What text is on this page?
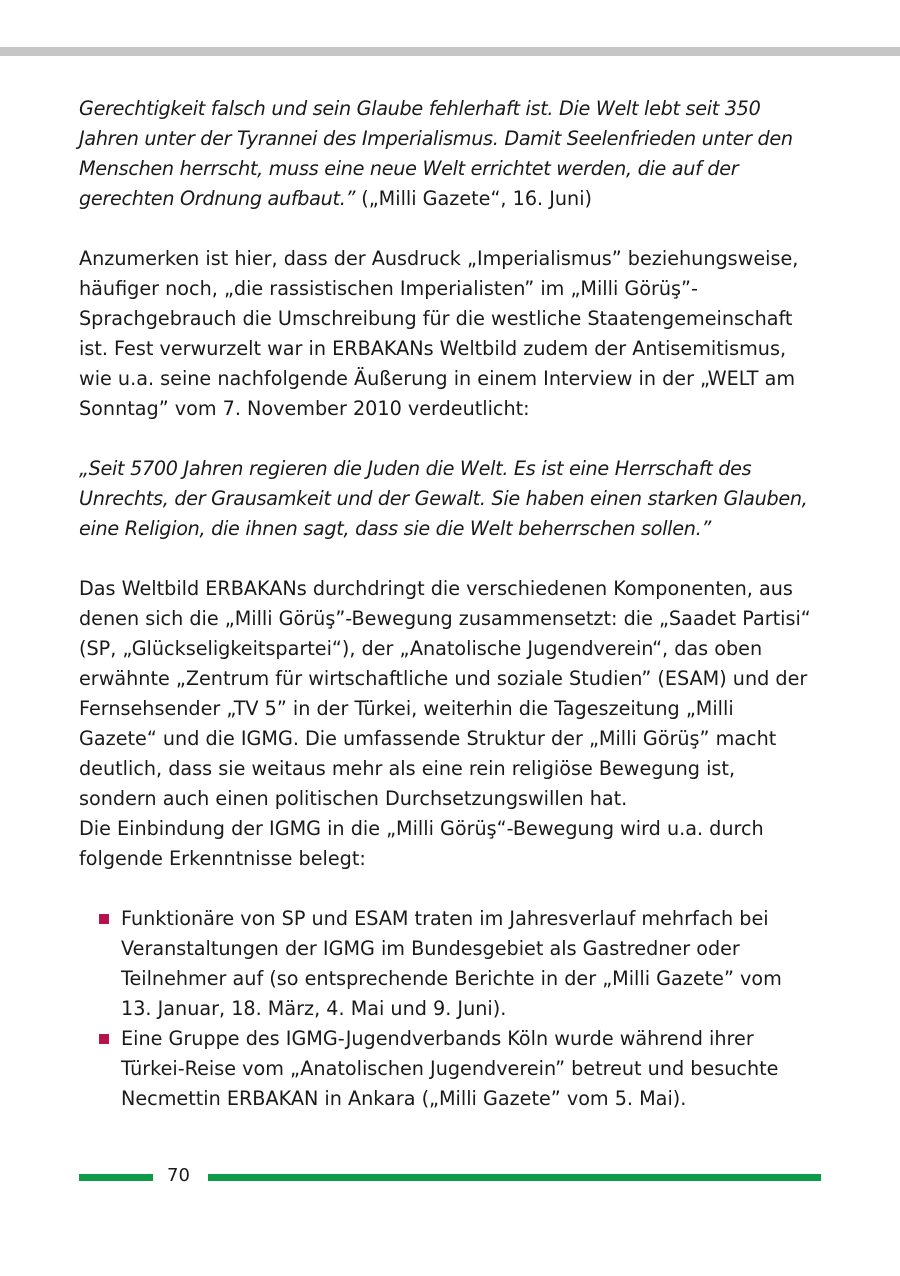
Gerechtigkeit falsch und sein Glaube fehlerhaft ist. Die Welt lebt seit 350 Jahren unter der Tyrannei des Imperialismus. Damit Seelenfrieden unter den Menschen herrscht, muss eine neue Welt errichtet werden, die auf der gerechten Ordnung aufbaut.” („Milli Gazete“, 16. Juni)

Anzumerken ist hier, dass der Ausdruck „Imperialismus” beziehungsweise, häufiger noch, „die rassistischen Imperialisten” im „Milli Görüş”-Sprachgebrauch die Umschreibung für die westliche Staatengemeinschaft ist. Fest verwurzelt war in ERBAKANs Weltbild zudem der Antisemitismus, wie u.a. seine nachfolgende Äußerung in einem Interview in der „WELT am Sonntag” vom 7. November 2010 verdeutlicht:

„Seit 5700 Jahren regieren die Juden die Welt. Es ist eine Herrschaft des Unrechts, der Grausamkeit und der Gewalt. Sie haben einen starken Glauben, eine Religion, die ihnen sagt, dass sie die Welt beherrschen sollen.”

Das Weltbild ERBAKANs durchdringt die verschiedenen Komponenten, aus denen sich die „Milli Görüş”-Bewegung zusammensetzt: die „Saadet Partisi“ (SP, „Glückseligkeitspartei“), der „Anatolische Jugendverein“, das oben erwähnte „Zentrum für wirtschaftliche und soziale Studien” (ESAM) und der Fernsehsender „TV 5” in der Türkei, weiterhin die Tageszeitung „Milli Gazete“ und die IGMG. Die umfassende Struktur der „Milli Görüş” macht deutlich, dass sie weitaus mehr als eine rein religiöse Bewegung ist, sondern auch einen politischen Durchsetzungswillen hat.

Die Einbindung der IGMG in die „Milli Görüş“-Bewegung wird u.a. durch folgende Erkenntnisse belegt:

Funktionäre von SP und ESAM traten im Jahresverlauf mehrfach bei Veranstaltungen der IGMG im Bundesgebiet als Gastredner oder Teilnehmer auf (so entsprechende Berichte in der „Milli Gazete” vom 13. Januar, 18. März, 4. Mai und 9. Juni).
Eine Gruppe des IGMG-Jugendverbands Köln wurde während ihrer Türkei-Reise vom „Anatolischen Jugendverein” betreut und besuchte Necmettin ERBAKAN in Ankara („Milli Gazete” vom 5. Mai).
70
